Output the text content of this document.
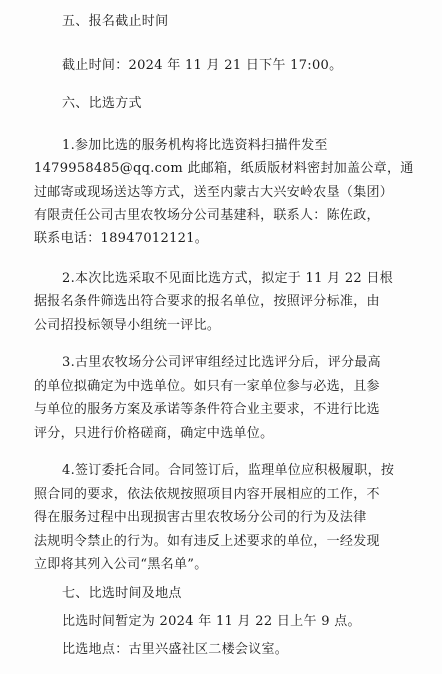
五、报名截止时间
截止时间：2024 年 11 月 21 日下午 17:00。
六、比选方式
1.参加比选的服务机构将比选资料扫描件发至
1479958485@qq.com 此邮箱，纸质版材料密封加盖公章，通
过邮寄或现场送达等方式，送至内蒙古大兴安岭农垦（集团）
有限责任公司古里农牧场分公司基建科，联系人：陈佐政，
联系电话：18947012121。
2.本次比选采取不见面比选方式，拟定于 11 月 22 日根
据报名条件筛选出符合要求的报名单位，按照评分标准，由
公司招投标领导小组统一评比。
3.古里农牧场分公司评审组经过比选评分后，评分最高
的单位拟确定为中选单位。如只有一家单位参与必选，且参
与单位的服务方案及承诺等条件符合业主要求，不进行比选
评分，只进行价格磋商，确定中选单位。
4.签订委托合同。合同签订后，监理单位应积极履职，按
照合同的要求，依法依规按照项目内容开展相应的工作，不
得在服务过程中出现损害古里农牧场分公司的行为及法律
法规明令禁止的行为。如有违反上述要求的单位，一经发现
立即将其列入公司“黑名单”。
七、比选时间及地点
比选时间暂定为 2024 年 11 月 22 日上午 9 点。
比选地点：古里兴盛社区二楼会议室。
